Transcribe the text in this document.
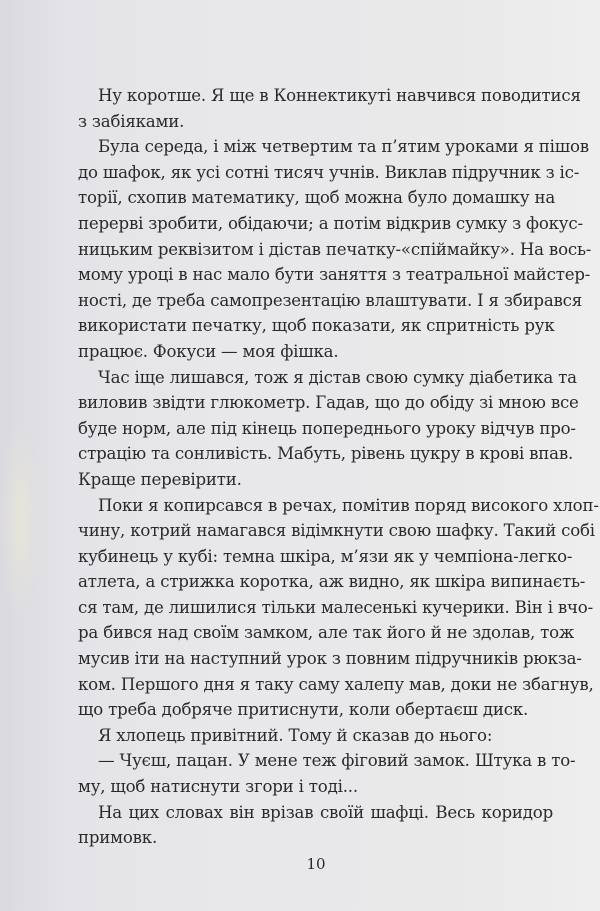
Ну коротше. Я ще в Коннектикуті навчився поводитися
з забіяками.
Була середа, і між четвертим та п’ятим уроками я пішов
до шафок, як усі сотні тисяч учнів. Виклав підручник з іс-
торії, схопив математику, щоб можна було домашку на
перерві зробити, обідаючи; а потім відкрив сумку з фокус-
ницьким реквізитом і дістав печатку-«спіймайку». На вось-
мому уроці в нас мало бути заняття з театральної майстер-
ності, де треба самопрезентацію влаштувати. І я збирався
використати печатку, щоб показати, як спритність рук
працює. Фокуси — моя фішка.
Час іще лишався, тож я дістав свою сумку діабетика та
виловив звідти глюкометр. Гадав, що до обіду зі мною все
буде норм, але під кінець попереднього уроку відчув про-
страцію та сонливість. Мабуть, рівень цукру в крові впав.
Краще перевірити.
Поки я копирсався в речах, помітив поряд високого хлоп-
чину, котрий намагався відімкнути свою шафку. Такий собі
кубинець у кубі: темна шкіра, м’язи як у чемпіона-легко-
атлета, а стрижка коротка, аж видно, як шкіра випинаєть-
ся там, де лишилися тільки малесенькі кучерики. Він і вчо-
ра бився над своїм замком, але так його й не здолав, тож
мусив іти на наступний урок з повним підручників рюкза-
ком. Першого дня я таку саму халепу мав, доки не збагнув,
що треба добряче притиснути, коли обертаєш диск.
Я хлопець привітний. Тому й сказав до нього:
— Чуєш, пацан. У мене теж фіговий замок. Штука в то-
му, щоб натиснути згори і тоді...
На цих словах він врізав своїй шафці. Весь коридор
примовк.
10
